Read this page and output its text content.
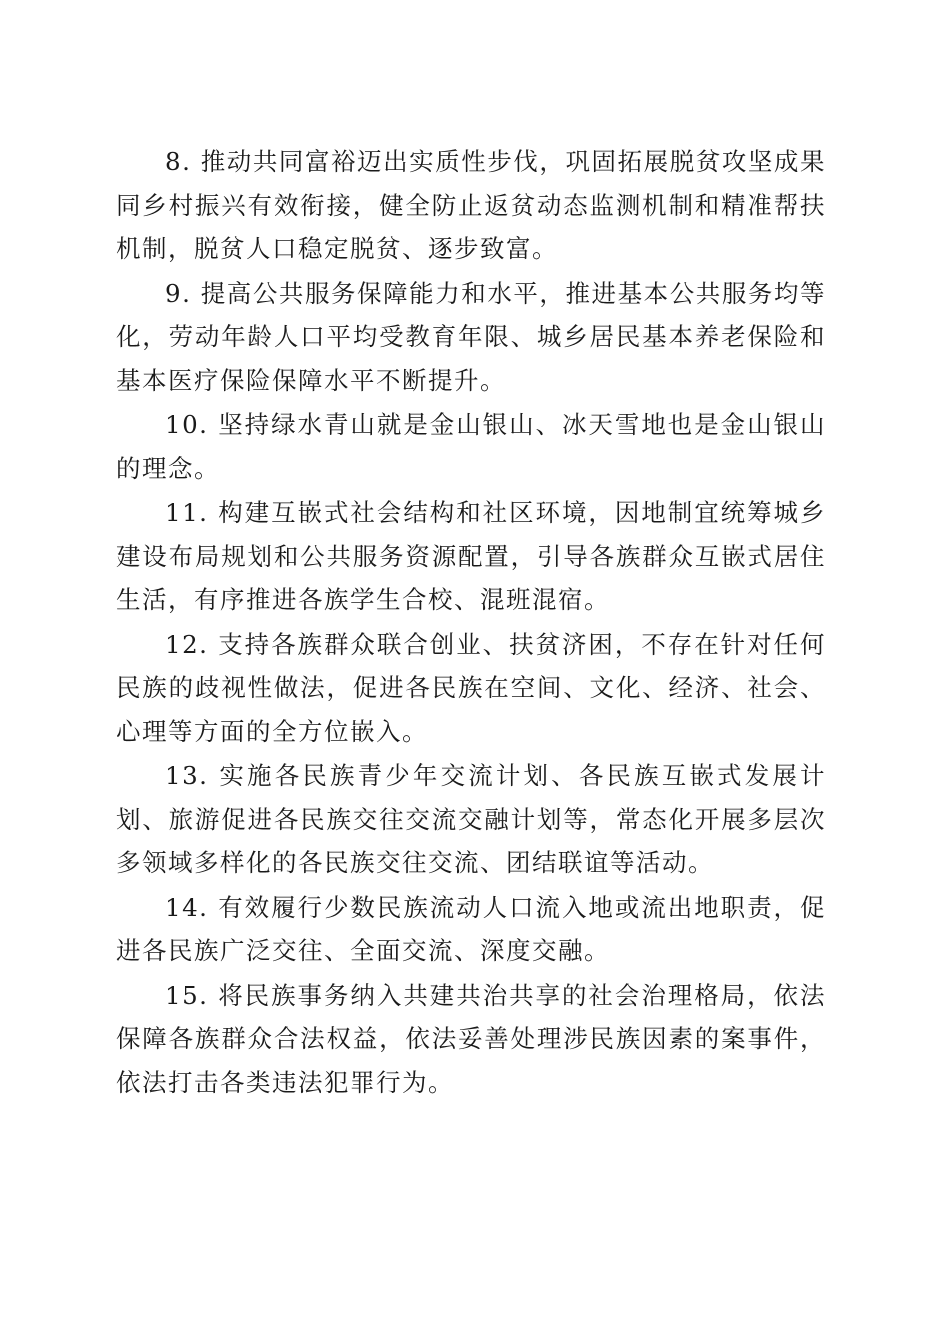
8. 推动共同富裕迈出实质性步伐，巩固拓展脱贫攻坚成果同乡村振兴有效衔接，健全防止返贫动态监测机制和精准帮扶机制，脱贫人口稳定脱贫、逐步致富。

9. 提高公共服务保障能力和水平，推进基本公共服务均等化，劳动年龄人口平均受教育年限、城乡居民基本养老保险和基本医疗保险保障水平不断提升。

10. 坚持绿水青山就是金山银山、冰天雪地也是金山银山的理念。

11. 构建互嵌式社会结构和社区环境，因地制宜统筹城乡建设布局规划和公共服务资源配置，引导各族群众互嵌式居住生活，有序推进各族学生合校、混班混宿。

12. 支持各族群众联合创业、扶贫济困，不存在针对任何民族的歧视性做法，促进各民族在空间、文化、经济、社会、心理等方面的全方位嵌入。

13. 实施各民族青少年交流计划、各民族互嵌式发展计划、旅游促进各民族交往交流交融计划等，常态化开展多层次多领域多样化的各民族交往交流、团结联谊等活动。

14. 有效履行少数民族流动人口流入地或流出地职责，促进各民族广泛交往、全面交流、深度交融。

15. 将民族事务纳入共建共治共享的社会治理格局，依法保障各族群众合法权益，依法妥善处理涉民族因素的案事件，依法打击各类违法犯罪行为。
